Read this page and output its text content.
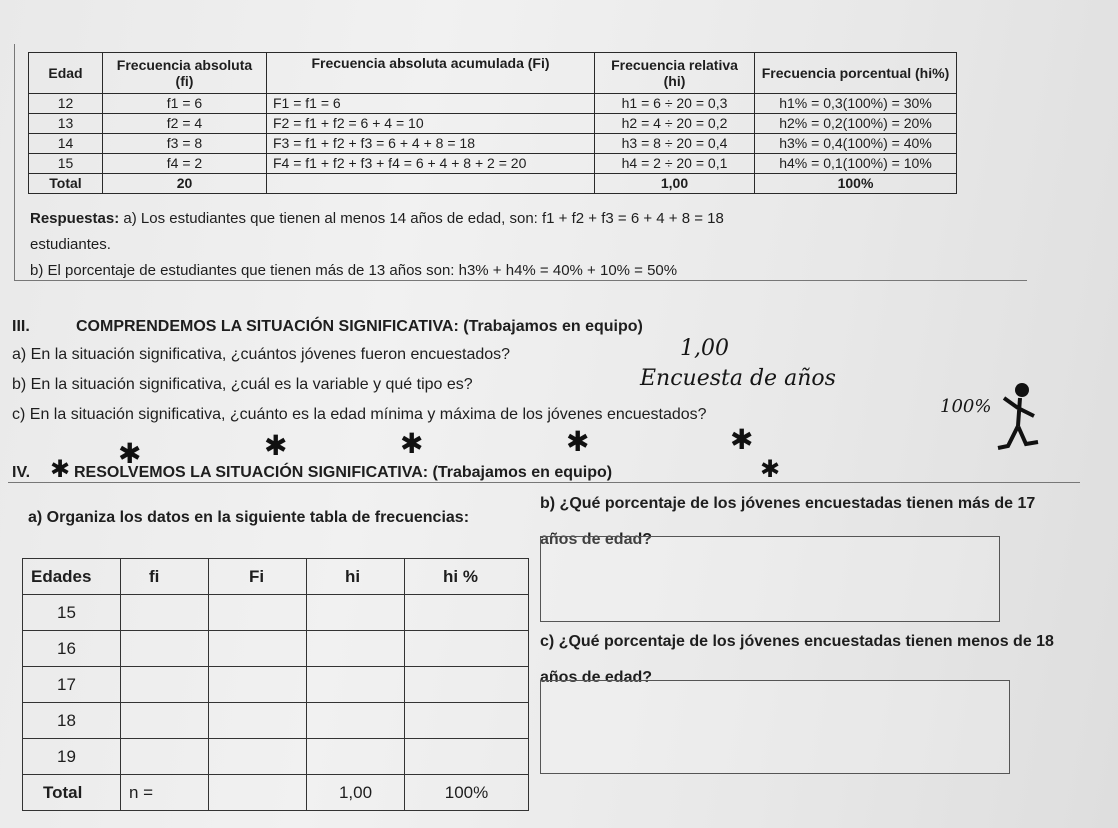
Edad	Frecuencia absoluta (fi)	Frecuencia absoluta acumulada (Fi)	Frecuencia relativa (hi)	Frecuencia porcentual (hi%)
12	f1 = 6	F1 = f1 = 6	h1 = 6 ÷ 20 = 0,3	h1% = 0,3(100%) = 30%
13	f2 = 4	F2 = f1 + f2 = 6 + 4 = 10	h2 = 4 ÷ 20 = 0,2	h2% = 0,2(100%) = 20%
14	f3 = 8	F3 = f1 + f2 + f3 = 6 + 4 + 8 = 18	h3 = 8 ÷ 20 = 0,4	h3% = 0,4(100%) = 40%
15	f4 = 2	F4 = f1 + f2 + f3 + f4 = 6 + 4 + 8 + 2 = 20	h4 = 2 ÷ 20 = 0,1	h4% = 0,1(100%) = 10%
Total	20		1,00	100%
Respuestas: a) Los estudiantes que tienen al menos 14 años de edad, son: f1 + f2 + f3 = 6 + 4 + 8 = 18
estudiantes.
b) El porcentaje de estudiantes que tienen más de 13 años son: h3% + h4% = 40% + 10% = 50%
III.	COMPRENDEMOS LA SITUACIÓN SIGNIFICATIVA: (Trabajamos en equipo)
a) En la situación significativa, ¿cuántos jóvenes fueron encuestados?	1,00
b) En la situación significativa, ¿cuál es la variable y qué tipo es?	Encuesta de años
c) En la situación significativa, ¿cuánto es la edad mínima y máxima de los jóvenes encuestados?	100%
✱	✱	✱	✱	✱
IV. ✱ RESOLVEMOS LA SITUACIÓN SIGNIFICATIVA: (Trabajamos en equipo)	✱
a) Organiza los datos en la siguiente tabla de frecuencias:
Edades	fi	Fi	hi	hi %
15				
16				
17				
18				
19				
Total	n =		1,00	100%
b) ¿Qué porcentaje de los jóvenes encuestadas tienen más de 17 años de edad?
c) ¿Qué porcentaje de los jóvenes encuestadas tienen menos de 18 años de edad?
